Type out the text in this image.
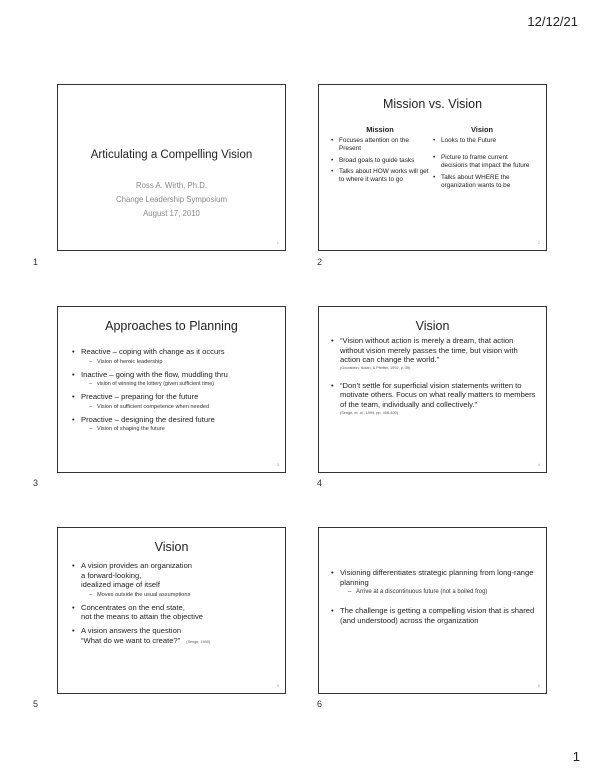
12/12/21
Articulating a Compelling Vision
Ross A. Wirth, Ph.D.
Change Leadership Symposium
August 17, 2010
1
1
Mission vs. Vision
Mission
• Focuses attention on the Present
• Broad goals to guide tasks
• Talks about HOW works will get to where it wants to go
Vision
• Looks to the Future
• Picture to frame current decisions that impact the future
• Talks about WHERE the organization wants to be
2
2
Approaches to Planning
• Reactive – coping with change as it occurs
– Vision of heroic leadership
• Inactive – going with the flow, muddling thru
– vision of winning the lottery (given sufficient time)
• Preactive – preparing for the future
– Vision of sufficient competence when needed
• Proactive – designing the desired future
– Vision of shaping the future
3
3
Vision
• “Vision without action is merely a dream, that action without vision merely passes the time, but vision with action can change the world.”
(Goodstein, Nolan, & Pfeiffer, 1992, p. 39)
• “Don’t settle for superficial vision statements written to motivate others. Focus on what really matters to members of the team, individually and collectively.”
(Senge, et. al., 1999, pp. 408-409)
4
4
Vision
• A vision provides an organization
a forward-looking,
idealized image of itself
– Moves outside the usual assumptions
• Concentrates on the end state,
not the means to attain the objective
• A vision answers the question
“What do we want to create?” (Senge, 1990)
5
5
• Visioning differentiates strategic planning from long-range planning
– Arrive at a discontinuous future (not a boiled frog)
• The challenge is getting a compelling vision that is shared (and understood) across the organization
6
6
1
